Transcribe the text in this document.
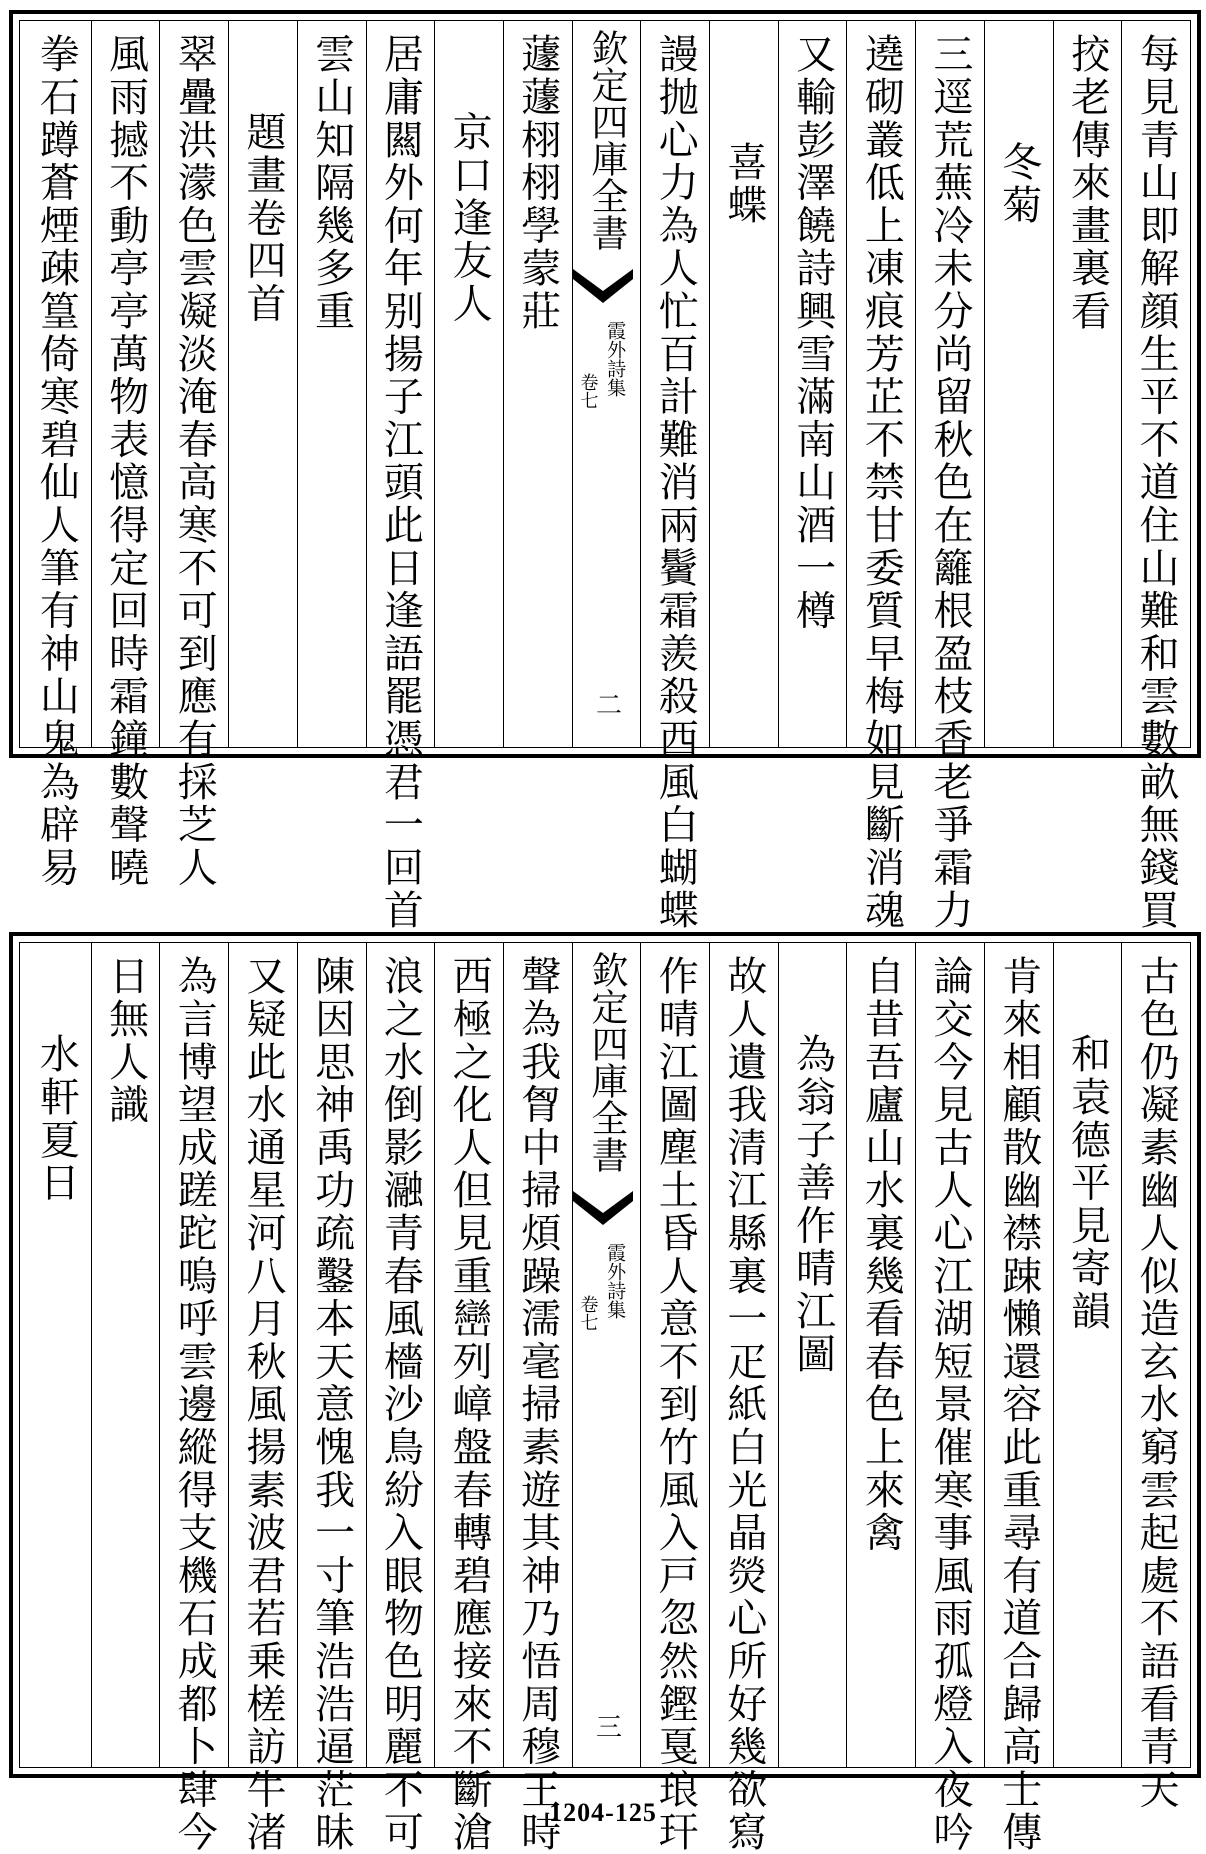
每見青山即解顔生平不道住山難和雲數畝無錢買
挍老傳來畫裏看
冬菊
三逕荒蕪冷未分尚留秋色在籬根盈枝香老爭霜力
遶砌叢低上凍痕芳芷不禁甘委質早梅如見斷消魂
又輸彭澤饒詩興雪滿南山酒一樽
喜蝶
謾抛心力為人忙百計難消兩鬢霜羨殺西風白蝴蝶
欽定四庫全書
霞外詩集
卷七
二
蘧蘧栩栩學蒙莊
京口逢友人
居庸闗外何年别揚子江頭此日逢語罷憑君一回首
雲山知隔幾多重
題畫卷四首
翠疊洪濛色雲凝淡淹春高寒不可到應有採芝人
風雨撼不動亭亭萬物表憶得定回時霜鐘數聲曉
拳石蹲蒼煙疎篁倚寒碧仙人筆有神山鬼為辟易
古色仍凝素幽人似造玄水窮雲起處不語看青天
和袁德平見寄韻
肯來相顧散幽襟踈懶還容此重尋有道合歸高士傳
論交今見古人心江湖短景催寒事風雨孤燈入夜吟
自昔吾廬山水裏幾看春色上來禽
為翁子善作晴江圖
故人遺我清江縣裏一疋紙白光晶熒心所好幾欲寫
作晴江圖塵土昏人意不到竹風入戸忽然鏗戛琅玕
欽定四庫全書
霞外詩集
卷七
三
聲為我胷中掃煩躁濡毫掃素遊其神乃悟周穆王時
西極之化人但見重巒列嶂盤春轉碧應接來不斷滄
浪之水倒影瀜青春風檣沙鳥紛入眼物色明麗不可
陳因思神禹功疏鑿本天意愧我一寸筆浩浩逼茫昧
又疑此水通星河八月秋風揚素波君若乗槎訪牛渚
為言博望成蹉跎嗚呼雲邊縱得支機石成都卜肆今
日無人識
水軒夏日
1204-125
